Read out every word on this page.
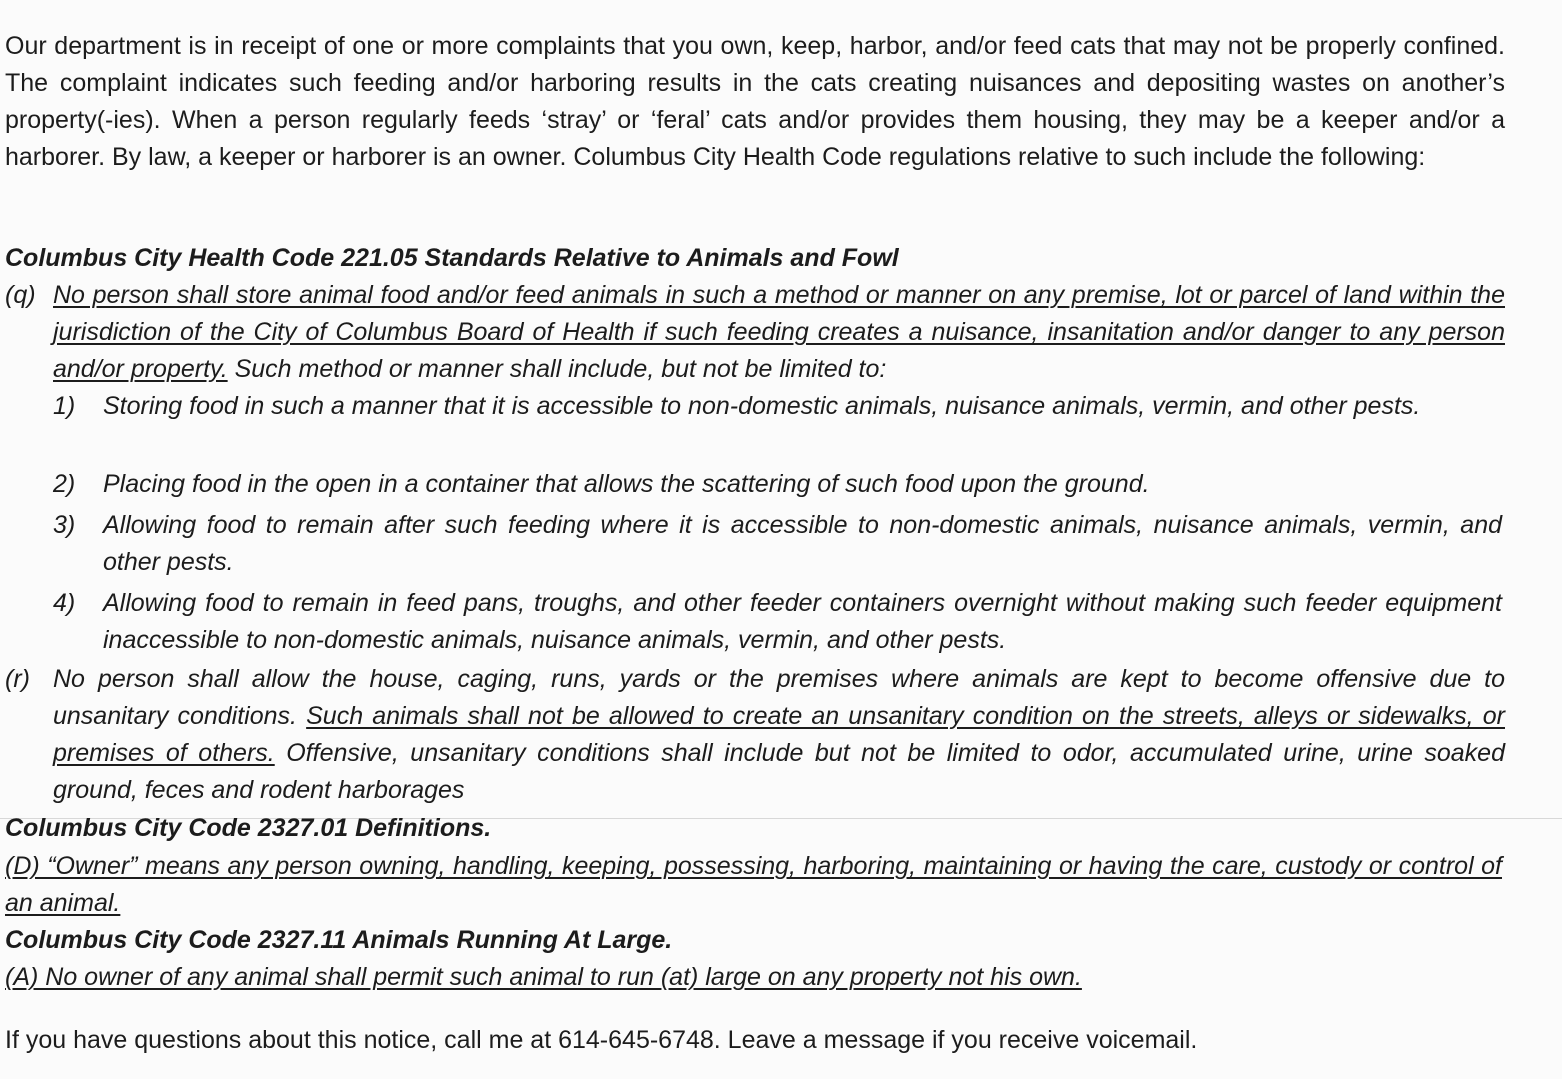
Our department is in receipt of one or more complaints that you own, keep, harbor, and/or feed cats that may not be properly confined. The complaint indicates such feeding and/or harboring results in the cats creating nuisances and depositing wastes on another’s property(-ies). When a person regularly feeds ‘stray’ or ‘feral’ cats and/or provides them housing, they may be a keeper and/or a harborer. By law, a keeper or harborer is an owner. Columbus City Health Code regulations relative to such include the following:

Columbus City Health Code 221.05 Standards Relative to Animals and Fowl

(q) No person shall store animal food and/or feed animals in such a method or manner on any premise, lot or parcel of land within the jurisdiction of the City of Columbus Board of Health if such feeding creates a nuisance, insanitation and/or danger to any person and/or property. Such method or manner shall include, but not be limited to:
1) Storing food in such a manner that it is accessible to non-domestic animals, nuisance animals, vermin, and other pests.
2) Placing food in the open in a container that allows the scattering of such food upon the ground.
3) Allowing food to remain after such feeding where it is accessible to non-domestic animals, nuisance animals, vermin, and other pests.
4) Allowing food to remain in feed pans, troughs, and other feeder containers overnight without making such feeder equipment inaccessible to non-domestic animals, nuisance animals, vermin, and other pests.
(r) No person shall allow the house, caging, runs, yards or the premises where animals are kept to become offensive due to unsanitary conditions. Such animals shall not be allowed to create an unsanitary condition on the streets, alleys or sidewalks, or premises of others. Offensive, unsanitary conditions shall include but not be limited to odor, accumulated urine, urine soaked ground, feces and rodent harborages

Columbus City Code 2327.01 Definitions.

(D) “Owner” means any person owning, handling, keeping, possessing, harboring, maintaining or having the care, custody or control of an animal.

Columbus City Code 2327.11 Animals Running At Large.

(A) No owner of any animal shall permit such animal to run (at) large on any property not his own.

If you have questions about this notice, call me at 614-645-6748. Leave a message if you receive voicemail.
